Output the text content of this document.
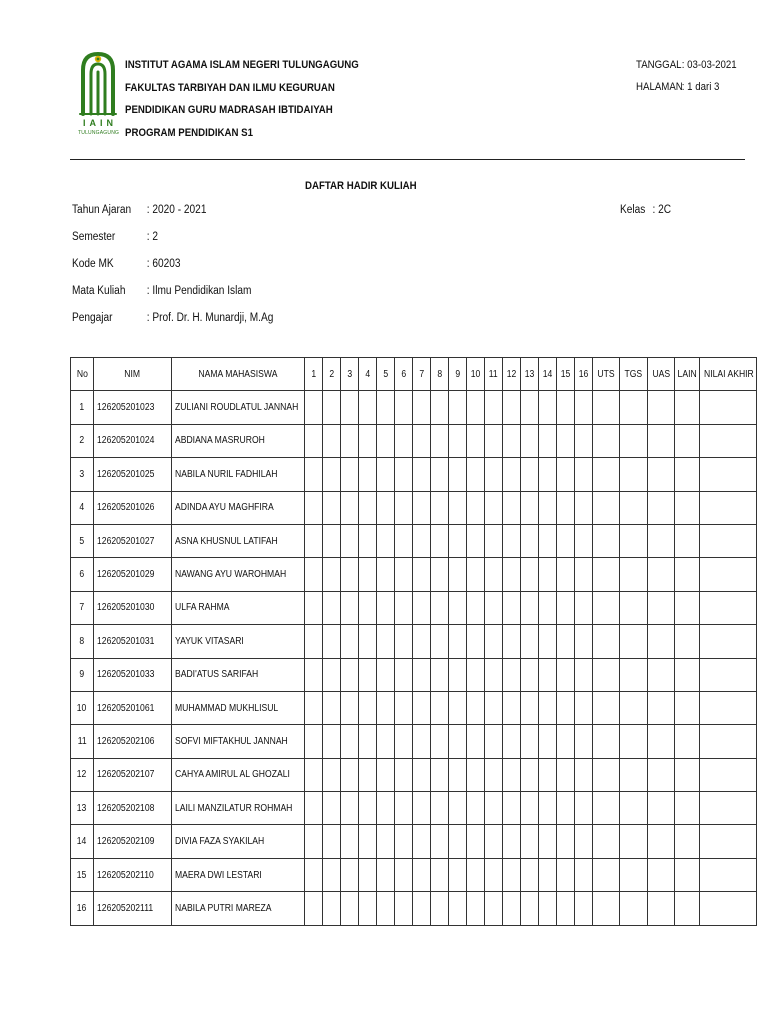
IAIN
TULUNGAGUNG
INSTITUT AGAMA ISLAM NEGERI TULUNGAGUNG
FAKULTAS TARBIYAH DAN ILMU KEGURUAN
PENDIDIKAN GURU MADRASAH IBTIDAIYAH
PROGRAM PENDIDIKAN S1
TANGGAL: 03-03-2021
HALAMAN: 1 dari 3
DAFTAR HADIR KULIAH
Tahun Ajaran : 2020 - 2021
Semester	: 2
Kode MK	: 60203
Mata Kuliah : Ilmu Pendidikan Islam
Pengajar	: Prof. Dr. H. Munardji, M.Ag
Kelas : 2C
No	NIM	NAMA MAHASISWA	1	2	3	4	5	6	7	8	9	10	11	12	13	14	15	16	UTS	TGS	UAS	LAIN	NILAI AKHIR
1	126205201023	ZULIANI ROUDLATUL JANNAH																					
2	126205201024	ABDIANA MASRUROH																					
3	126205201025	NABILA NURIL FADHILAH																					
4	126205201026	ADINDA AYU MAGHFIRA																					
5	126205201027	ASNA KHUSNUL LATIFAH																					
6	126205201029	NAWANG AYU WAROHMAH																					
7	126205201030	ULFA RAHMA																					
8	126205201031	YAYUK VITASARI																					
9	126205201033	BADI'ATUS SARIFAH																					
10	126205201061	MUHAMMAD MUKHLISUL																					
11	126205202106	SOFVI MIFTAKHUL JANNAH																					
12	126205202107	CAHYA AMIRUL AL GHOZALI																					
13	126205202108	LAILI MANZILATUR ROHMAH																					
14	126205202109	DIVIA FAZA SYAKILAH																					
15	126205202110	MAERA DWI LESTARI																					
16	126205202111	NABILA PUTRI MAREZA																					
